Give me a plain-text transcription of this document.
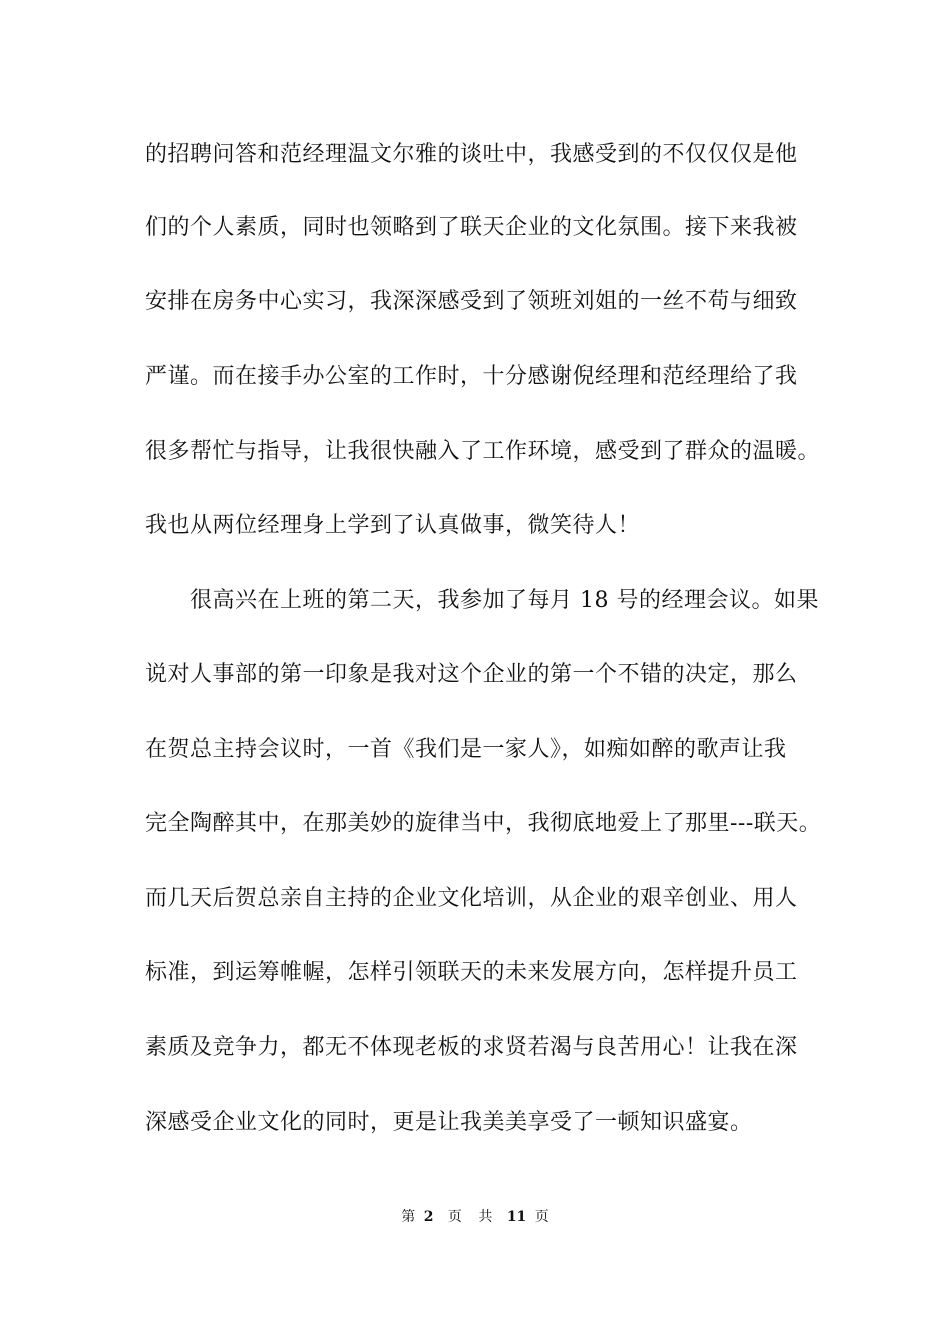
的招聘问答和范经理温文尔雅的谈吐中，我感受到的不仅仅仅是他
们的个人素质，同时也领略到了联天企业的文化氛围。接下来我被
安排在房务中心实习，我深深感受到了领班刘姐的一丝不苟与细致
严谨。而在接手办公室的工作时，十分感谢倪经理和范经理给了我
很多帮忙与指导，让我很快融入了工作环境，感受到了群众的温暖。
我也从两位经理身上学到了认真做事，微笑待人！
很高兴在上班的第二天，我参加了每月 18 号的经理会议。如果
说对人事部的第一印象是我对这个企业的第一个不错的决定，那么
在贺总主持会议时，一首《我们是一家人》，如痴如醉的歌声让我
完全陶醉其中，在那美妙的旋律当中，我彻底地爱上了那里---联天。
而几天后贺总亲自主持的企业文化培训，从企业的艰辛创业、用人
标准，到运筹帷幄，怎样引领联天的未来发展方向，怎样提升员工
素质及竞争力，都无不体现老板的求贤若渴与良苦用心！让我在深
深感受企业文化的同时，更是让我美美享受了一顿知识盛宴。
第 2 页 共 11 页
